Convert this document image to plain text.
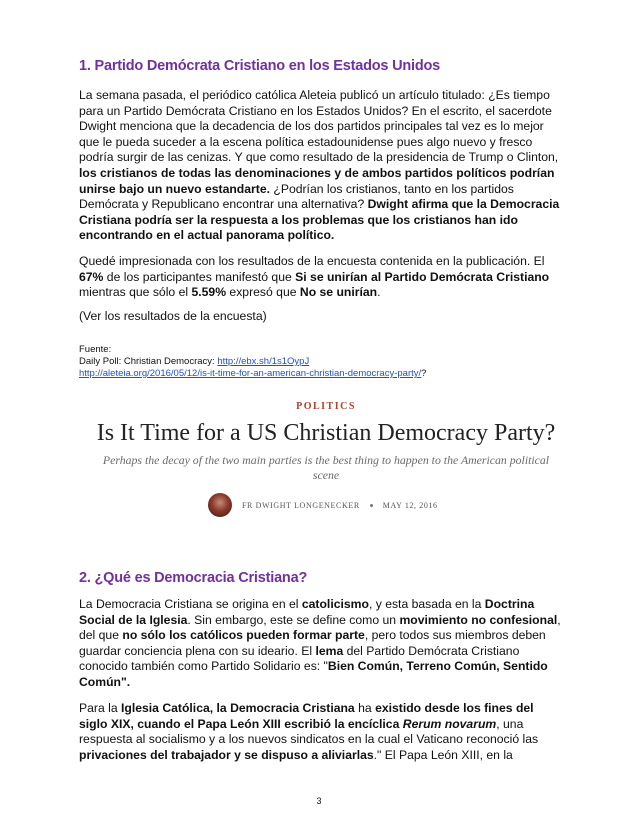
1. Partido Demócrata Cristiano en los Estados Unidos

La semana pasada, el periódico católica Aleteia publicó un artículo titulado: ¿Es tiempo para un Partido Demócrata Cristiano en los Estados Unidos? En el escrito, el sacerdote Dwight menciona que la decadencia de los dos partidos principales tal vez es lo mejor que le pueda suceder a la escena política estadounidense pues algo nuevo y fresco podría surgir de las cenizas. Y que como resultado de la presidencia de Trump o Clinton, los cristianos de todas las denominaciones y de ambos partidos políticos podrían unirse bajo un nuevo estandarte. ¿Podrían los cristianos, tanto en los partidos Demócrata y Republicano encontrar una alternativa? Dwight afirma que la Democracia Cristiana podría ser la respuesta a los problemas que los cristianos han ido encontrando en el actual panorama político.

Quedé impresionada con los resultados de la encuesta contenida en la publicación. El 67% de los participantes manifestó que Si se unirían al Partido Demócrata Cristiano mientras que sólo el 5.59% expresó que No se unirían.

(Ver los resultados de la encuesta)

Fuente:
Daily Poll: Christian Democracy: http://ebx.sh/1s1OypJ
http://aleteia.org/2016/05/12/is-it-time-for-an-american-christian-democracy-party/?
POLITICS
Is It Time for a US Christian Democracy Party?
Perhaps the decay of the two main parties is the best thing to happen to the American political scene
FR DWIGHT LONGENECKER	MAY 12, 2016
2. ¿Qué es Democracia Cristiana?

La Democracia Cristiana se origina en el catolicismo, y esta basada en la Doctrina Social de la Iglesia. Sin embargo, este se define como un movimiento no confesional, del que no sólo los católicos pueden formar parte, pero todos sus miembros deben guardar conciencia plena con su ideario. El lema del Partido Demócrata Cristiano conocido también como Partido Solidario es: "Bien Común, Terreno Común, Sentido Común".

Para la Iglesia Católica, la Democracia Cristiana ha existido desde los fines del siglo XIX, cuando el Papa León XIII escribió la encíclica Rerum novarum, una respuesta al socialismo y a los nuevos sindicatos en la cual el Vaticano reconoció las privaciones del trabajador y se dispuso a aliviarlas." El Papa León XIII, en la

3
